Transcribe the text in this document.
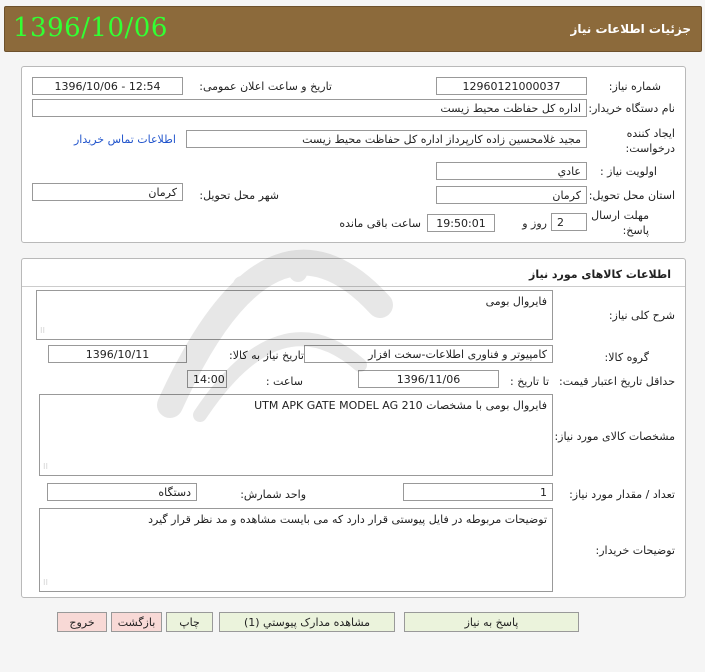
1396/10/06	جزئیات اطلاعات نیاز
شماره نیاز:
12960121000037
تاریخ و ساعت اعلان عمومی:
1396/10/06 - 12:54
نام دستگاه خریدار:
اداره کل حفاظت محیط زیست
ایجاد کننده
درخواست:
مجید غلامحسین زاده کارپرداز اداره کل حفاظت محیط زیست
اطلاعات تماس خریدار
اولویت نیاز :
عادي
استان محل تحویل:
کرمان
شهر محل تحویل:
کرمان
مهلت ارسال
پاسخ:
2
روز و
19:50:01
ساعت باقی مانده
اطلاعات کالاهای مورد نیاز
شرح کلی نیاز:
فایروال بومی
⁝⁝
گروه کالا:
کامپیوتر و فناوری اطلاعات-سخت افزار
تاریخ نیاز به کالا:
1396/10/11
حداقل تاریخ اعتبار قیمت:
تا تاریخ :
1396/11/06
ساعت :
14:00
مشخصات کالای مورد نیاز:
فایروال بومی با مشخصات UTM APK GATE MODEL AG 210
⁝⁝
تعداد / مقدار مورد نیاز:
1
واحد شمارش:
دستگاه
توضیحات خریدار:
توضیحات مربوطه در فایل پیوستی قرار دارد که می بایست مشاهده و مد نظر قرار گیرد
⁝⁝
پاسخ به نیاز
مشاهده مدارک پیوستي (1)
چاپ
بازگشت
خروج
